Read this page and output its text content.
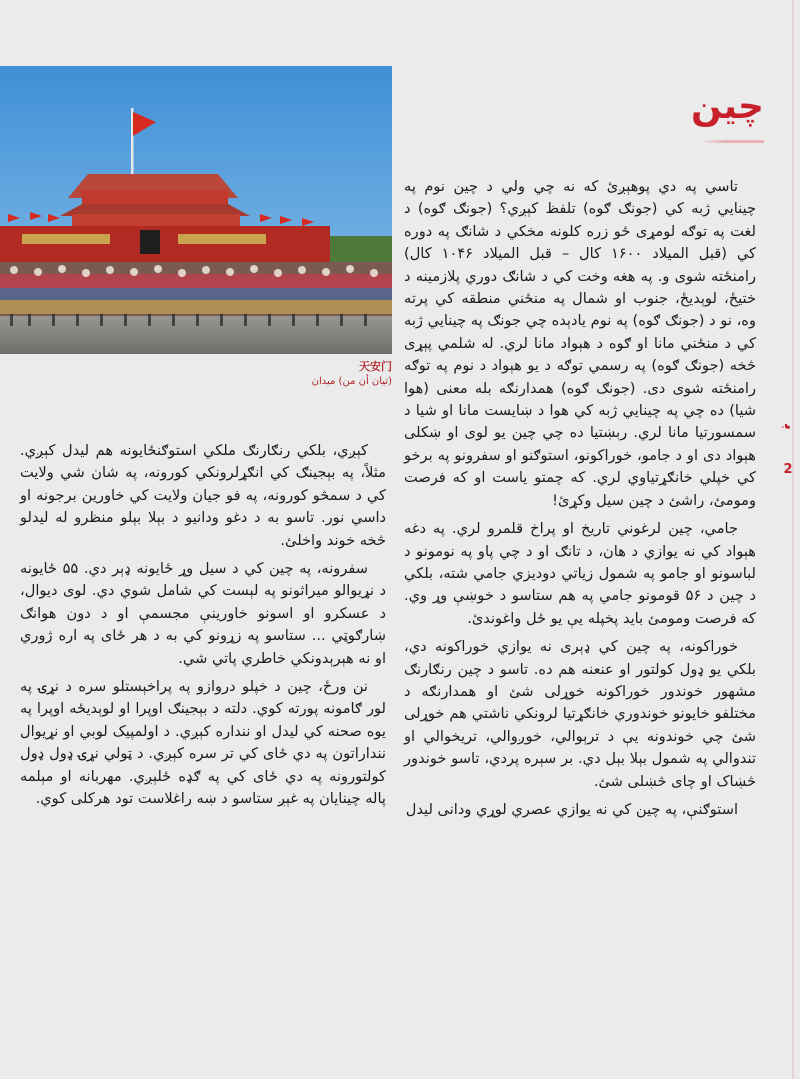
天安门
(تيان أن من) ميدان
چين

تاسي په دي پوهېږئ که نه چي ولي د چين نوم په چينايي ژبه کي (جونګ ګوه) تلفظ کېږي؟ (جونګ ګوه) د لغت په توګه لومړی ځو زره کلونه مخکي د شانګ په دوره کي (قبل الميلاد ۱۶۰۰ کال – قبل الميلاد ۱۰۴۶ کال) رامنځته شوی و. په هغه وخت کي د شانګ دوري پلازمينه د ختيځ، لوېديځ، جنوب او شمال په منځني منطقه کي پرته وه، نو د (جونګ ګوه) په نوم يادېده چي جونګ په چينايي ژبه کي د منځني مانا او ګوه د هېواد مانا لري. له شلمي پېړی څخه (جونګ ګوه) په رسمي توګه د يو هېواد د نوم په توګه رامنځته شوی دی. (جونګ ګوه) همدارنګه بله معنی (هوا شيا) ده چي په چينايي ژبه کي هوا د ښايست مانا او شيا د سمسورتيا مانا لري. ربښتيا ده چي چين يو لوی او ښکلی هېواد دی او د جامو، خوراکونو، استوګنو او سفرونو په برخو کي خپلي خانګړتياوي لري. که چمتو ياست او که فرصت ومومئ، راشئ د چين سيل وکړئ!

جامي، چين لرغوني تاريخ او پراخ قلمرو لري. په دغه هېواد کي نه يوازي د هان، د تانګ او د چي پاو په نومونو د لباسونو او جامو په شمول زياتي دوديزي جامي شته، بلکي د چين د ۵۶ قومونو جامي په هم ستاسو د خوښې وړ وي. که فرصت ومومئ بايد پخپله يې يو ځل واغوندئ.

خوراکونه، په چين کي ډېری نه يوازي خوراکونه دي، بلکي يو ډول کولتور او عنعنه هم ده. تاسو د چين رنګارنګ مشهور خوندور خوراکونه خوړلی شئ او همدارنګه د مختلفو خايونو خوندوري خانګړتيا لرونکي ناشتي هم خوړلی شئ چي خوندونه يې د ترېوالي، خوږوالي، تريخوالي او تندوالي په شمول بېلا بېل دي. بر سېره پردي، تاسو خوندور څښاک او چای څښلی شئ.

استوګنې، په چين کي نه يوازي عصري لوړي ودانی ليدل

کېږي، بلکي رنګارنګ ملکي استوګنځايونه هم ليدل کېږي. مثلاً، په بېجينګ کي انګړلرونکي کورونه، په شان شي ولايت کي د سمڅو کورونه، په فو جيان ولايت کي خاورين برجونه او داسي نور. تاسو به د دغو ودانيو د بېلا بېلو منظرو له ليدلو څخه خوند واخلئ.

سفرونه، په چين کي د سيل وړ ځايونه ډېر دي. ۵۵ ځايونه د نړيوالو ميراثونو په لېست کي شامل شوي دي. لوی ديوال، د عسکرو او اسونو خاورينې مجسمې او د دون هوانګ ښارګوټي ... ستاسو په زړونو کي به د هر ځای په اره ژوري او نه هېرېدونکي خاطري پاتي شي.

نن ورځ، چين د خپلو دروازو په پراخېستلو سره د نړۍ په لور ګامونه پورته کوي. دلته د بېجينګ اوپرا او لوېديځه اوپرا په يوه صحنه کي ليدل او ننداره کېږي. د اولمپيک لوبي او نړيوال ننداراتون په دي ځای کي تر سره کېږي. د ټولي نړۍ ډول ډول کولتورونه په دي ځای کي په ګډه ځلېږي. مهربانه او مېلمه پاله چينايان په غېږ ستاسو د ښه راغلاست تود هرکلی کوي.

ﺑ
2
